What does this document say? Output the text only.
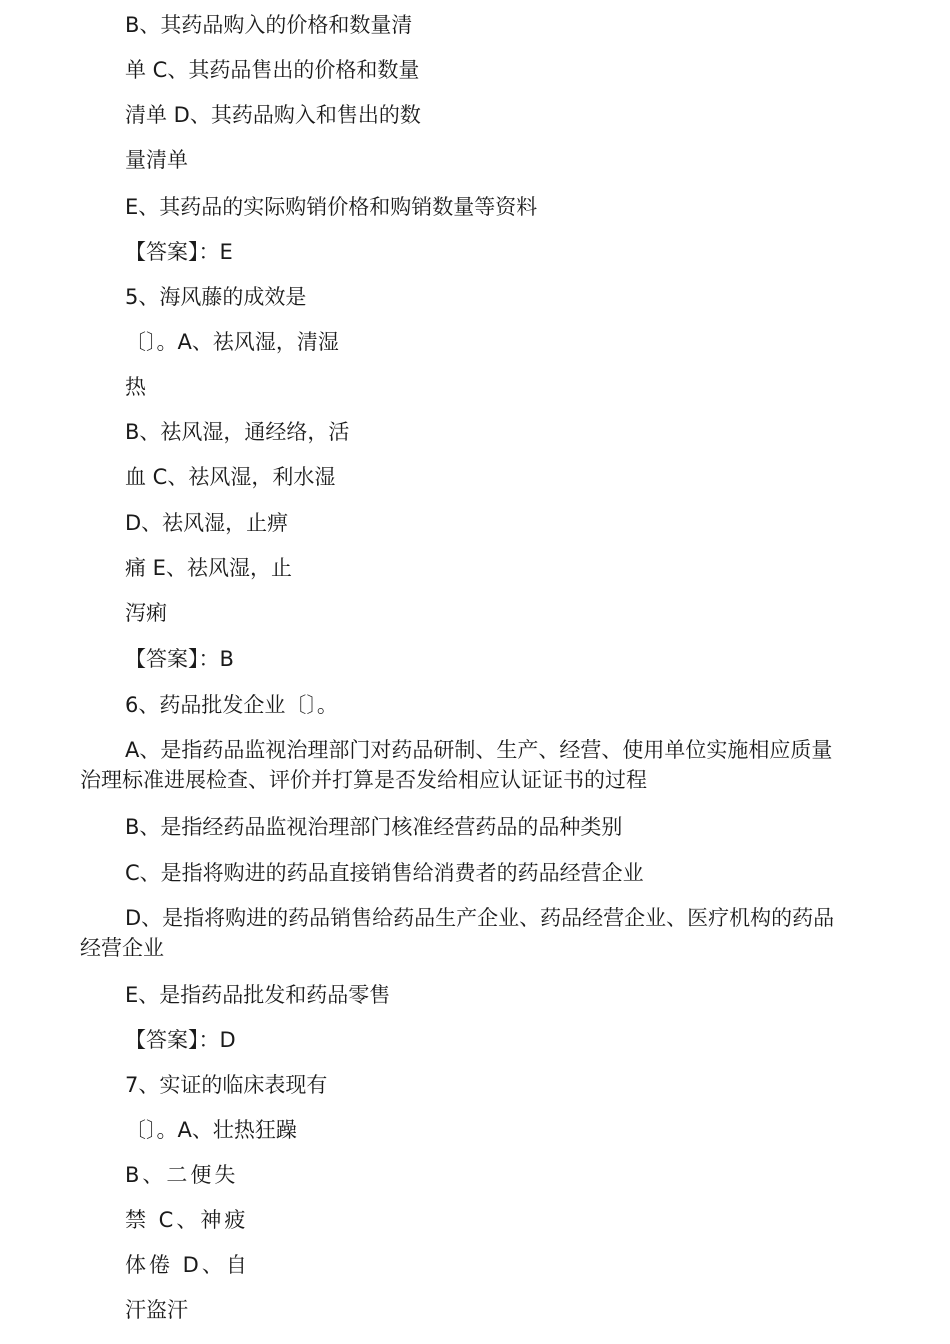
B、其药品购入的价格和数量清
单 C、其药品售出的价格和数量
清单 D、其药品购入和售出的数
量清单
E、其药品的实际购销价格和购销数量等资料
【答案】：E
5、海风藤的成效是
〔〕。A、祛风湿，清湿
热
B、祛风湿，通经络，活
血 C、祛风湿，利水湿
D、祛风湿，止痹
痛 E、祛风湿，止
泻痢
【答案】：B
6、药品批发企业〔〕。
A、是指药品监视治理部门对药品研制、生产、经营、使用单位实施相应质量治理标准进展检查、评价并打算是否发给相应认证证书的过程
B、是指经药品监视治理部门核准经营药品的品种类别
C、是指将购进的药品直接销售给消费者的药品经营企业
D、是指将购进的药品销售给药品生产企业、药品经营企业、医疗机构的药品经营企业
E、是指药品批发和药品零售
【答案】：D
7、实证的临床表现有
〔〕。A、壮热狂躁
B、二便失
禁 C、神疲
体倦 D、自
汗盗汗
